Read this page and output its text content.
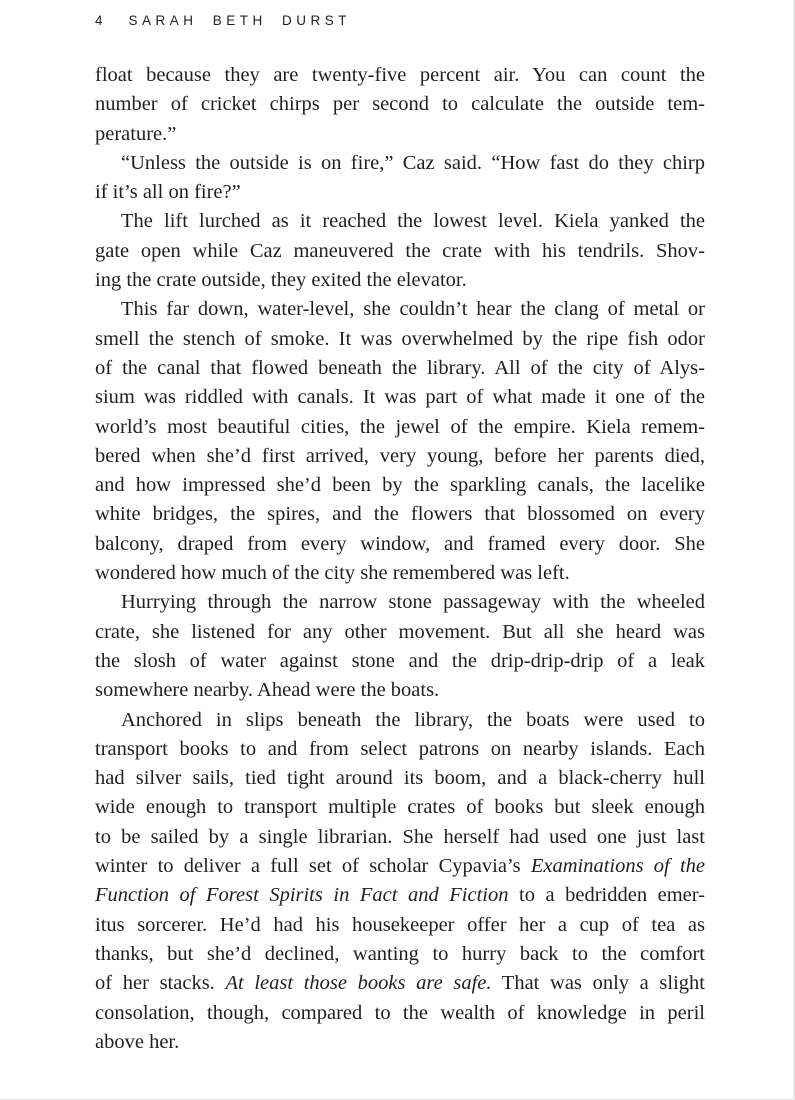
4 SARAH BETH DURST

float because they are twenty-five percent air. You can count the
number of cricket chirps per second to calculate the outside tem-
perature.”

“Unless the outside is on fire,” Caz said. “How fast do they chirp
if it’s all on fire?”

The lift lurched as it reached the lowest level. Kiela yanked the
gate open while Caz maneuvered the crate with his tendrils. Shov-
ing the crate outside, they exited the elevator.

This far down, water-level, she couldn’t hear the clang of metal or
smell the stench of smoke. It was overwhelmed by the ripe fish odor
of the canal that flowed beneath the library. All of the city of Alys-
sium was riddled with canals. It was part of what made it one of the
world’s most beautiful cities, the jewel of the empire. Kiela remem-
bered when she’d first arrived, very young, before her parents died,
and how impressed she’d been by the sparkling canals, the lacelike
white bridges, the spires, and the flowers that blossomed on every
balcony, draped from every window, and framed every door. She
wondered how much of the city she remembered was left.

Hurrying through the narrow stone passageway with the wheeled
crate, she listened for any other movement. But all she heard was
the slosh of water against stone and the drip-drip-drip of a leak
somewhere nearby. Ahead were the boats.

Anchored in slips beneath the library, the boats were used to
transport books to and from select patrons on nearby islands. Each
had silver sails, tied tight around its boom, and a black-cherry hull
wide enough to transport multiple crates of books but sleek enough
to be sailed by a single librarian. She herself had used one just last
winter to deliver a full set of scholar Cypavia’s Examinations of the
Function of Forest Spirits in Fact and Fiction to a bedridden emer-
itus sorcerer. He’d had his housekeeper offer her a cup of tea as
thanks, but she’d declined, wanting to hurry back to the comfort
of her stacks. At least those books are safe. That was only a slight
consolation, though, compared to the wealth of knowledge in peril
above her.
